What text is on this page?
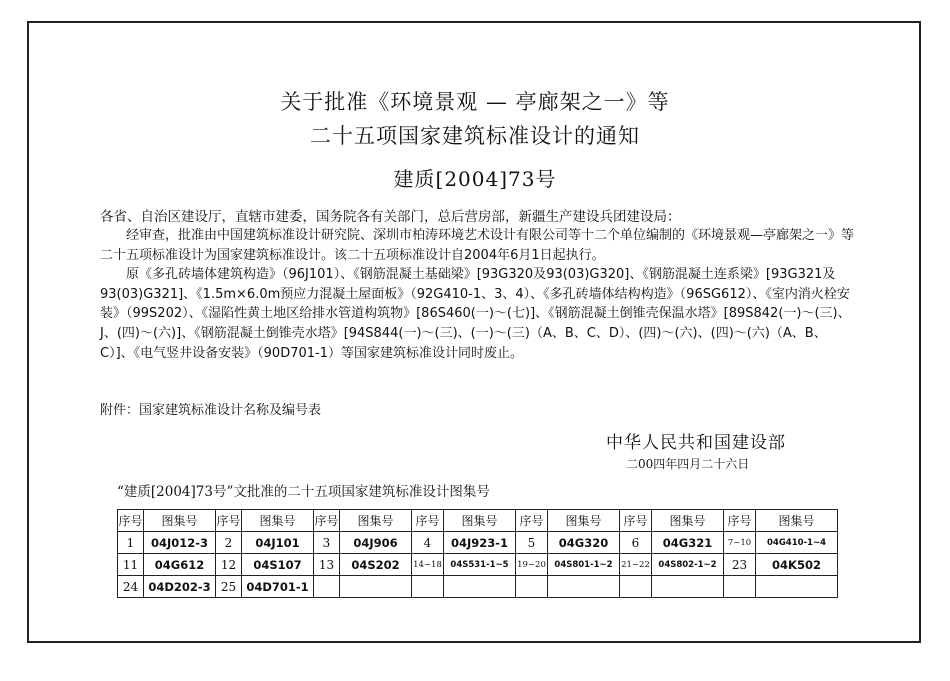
关于批准《环境景观 — 亭廊架之一》等
二十五项国家建筑标准设计的通知
建质[2004]73号
各省、自治区建设厅，直辖市建委，国务院各有关部门，总后营房部，新疆生产建设兵团建设局：

经审查，批准由中国建筑标准设计研究院、深圳市柏涛环境艺术设计有限公司等十二个单位编制的《环境景观—亭廊架之一》等二十五项标准设计为国家建筑标准设计。该二十五项标准设计自2004年6月1日起执行。

原《多孔砖墙体建筑构造》（96J101）、《钢筋混凝土基础梁》[93G320及93(03)G320]、《钢筋混凝土连系梁》[93G321及93(03)G321]、《1.5m×6.0m预应力混凝土屋面板》（92G410-1、3、4）、《多孔砖墙体结构构造》（96SG612）、《室内消火栓安装》（99S202）、《湿陷性黄土地区给排水管道构筑物》[86S460(一)～(七)]、《钢筋混凝土倒锥壳保温水塔》[89S842(一)～(三)、J、(四)～(六)]、《钢筋混凝土倒锥壳水塔》[94S844(一)～(三)、(一)～(三)（A、B、C、D）、(四)～(六)、(四)～(六)（A、B、C）]、《电气竖井设备安装》（90D701-1）等国家建筑标准设计同时废止。

附件：国家建筑标准设计名称及编号表
中华人民共和国建设部
二00四年四月二十六日
“建质[2004]73号”文批准的二十五项国家建筑标准设计图集号
序号	图集号	序号	图集号	序号	图集号	序号	图集号	序号	图集号	序号	图集号	序号	图集号
1	04J012-3	2	04J101	3	04J906	4	04J923-1	5	04G320	6	04G321	7~10	04G410-1~4
11	04G612	12	04S107	13	04S202	14~18	04S531-1~5	19~20	04S801-1~2	21~22	04S802-1~2	23	04K502
24	04D202-3	25	04D701-1										
